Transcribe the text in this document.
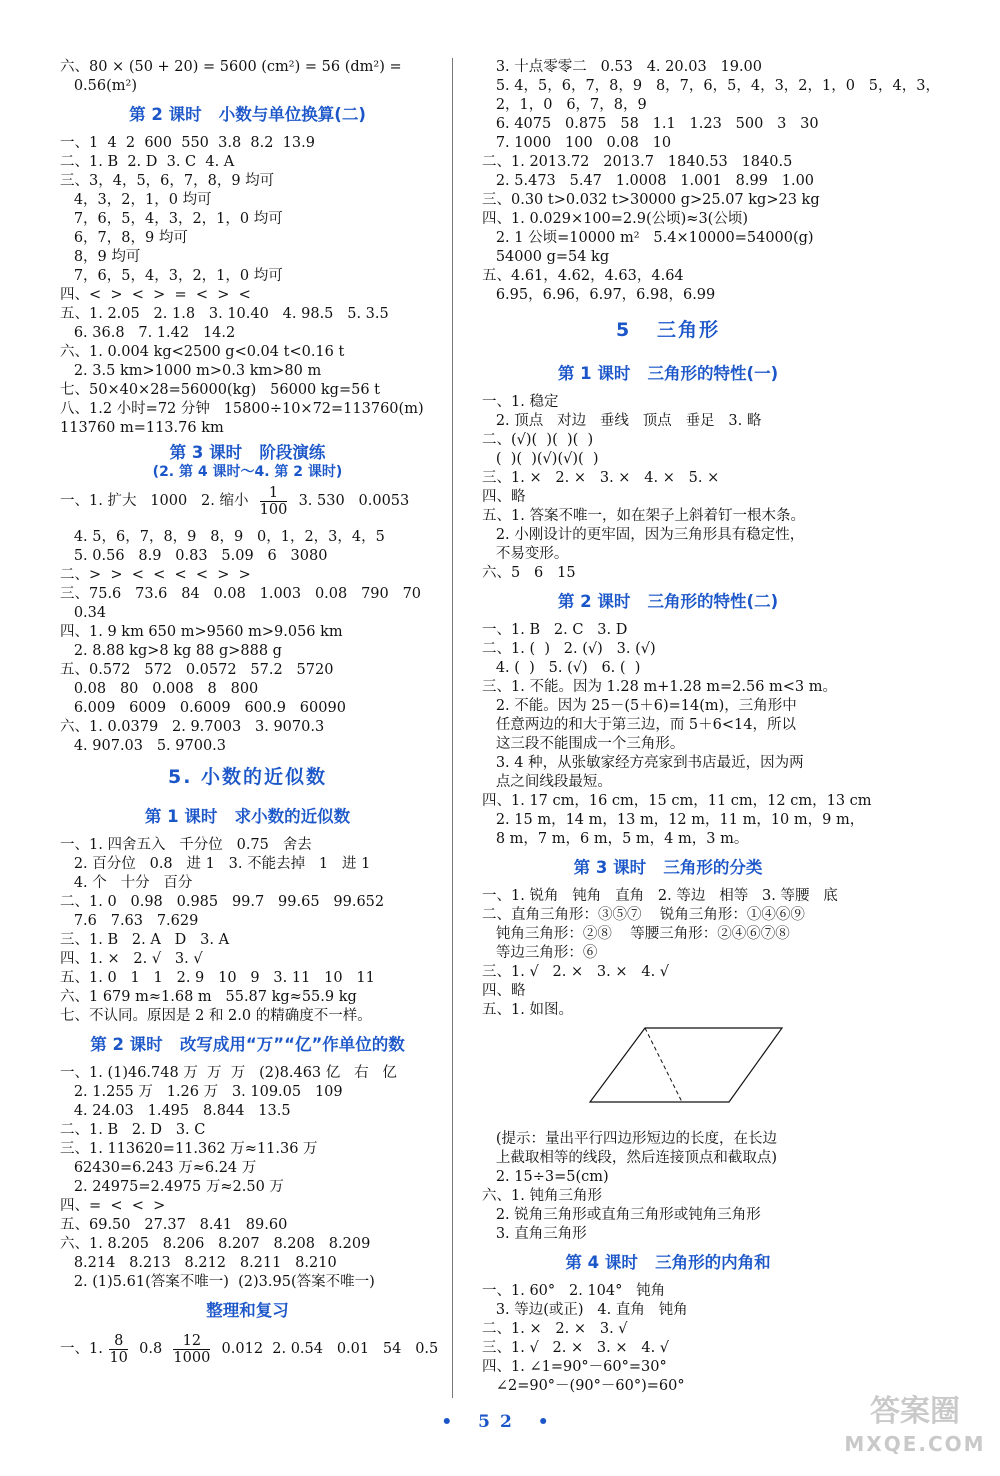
六、80 × (50 + 20) = 5600 (cm²) = 56 (dm²) =
0.56(m²)
第 2 课时   小数与单位换算(二)
一、1  4  2  600  550  3.8  8.2  13.9
二、1. B  2. D  3. C  4. A
三、3，4，5，6，7，8，9 均可
4，3，2，1，0 均可
7，6，5，4，3，2，1，0 均可
6，7，8，9 均可
8，9 均可
7，6，5，4，3，2，1，0 均可
四、<  >  <  >  =  <  >  <
五、1. 2.05   2. 1.8   3. 10.40   4. 98.5   5. 3.5
6. 36.8   7. 1.42   14.2
六、1. 0.004 kg<2500 g<0.04 t<0.16 t
2. 3.5 km>1000 m>0.3 km>80 m
七、50×40×28=56000(kg)   56000 kg=56 t
八、1.2 小时=72 分钟   15800÷10×72=113760(m)
113760 m=113.76 km
第 3 课时   阶段演练
(2. 第 4 课时～4. 第 2 课时)
一、1. 扩大   1000   2. 缩小 $\frac{1}{100} 3$. 530   0.0053
4. 5，6，7，8，9   8，9   0，1，2，3，4，5
5. 0.56   8.9   0.83   5.09   6   3080
二、>  >  <  <  <  <  >  >
三、75.6   73.6   84   0.08   1.003   0.08   790   70
0.34
四、1. 9 km 650 m>9560 m>9.056 km
2. 8.88 kg>8 kg 88 g>888 g
五、0.572   572   0.0572   57.2   5720
0.08   80   0.008   8   800
6.009   6009   0.6009   600.9   60090
六、1. 0.0379   2. 9.7003   3. 9070.3
4. 907.03   5. 9700.3
5. 小数的近似数
第 1 课时   求小数的近似数
一、1. 四舍五入   千分位   0.75   舍去
2. 百分位   0.8   进 1   3. 不能去掉   1   进 1
4. 个   十分   百分
二、1. 0   0.98   0.985   99.7   99.65   99.652
7.6   7.63   7.629
三、1. B   2. A   D   3. A
四、1. ×   2. √   3. √
五、1. 0   1   1   2. 9   10   9   3. 11   10   11
六、1 679 m≈1.68 m   55.87 kg≈55.9 kg
七、不认同。原因是 2 和 2.0 的精确度不一样。
第 2 课时   改写成用“万”“亿”作单位的数
一、1. (1)46.748 万  万  万   (2)8.463 亿   右   亿
2. 1.255 万   1.26 万   3. 109.05   109
4. 24.03   1.495   8.844   13.5
二、1. B   2. D   3. C
三、1. 113620=11.362 万≈11.36 万
62430=6.243 万≈6.24 万
2. 24975=2.4975 万≈2.50 万
四、=  <  <  >
五、69.50   27.37   8.41   89.60
六、1. 8.205   8.206   8.207   8.208   8.209
8.214   8.213   8.212   8.211   8.210
2. (1)5.61(答案不唯一)  (2)3.95(答案不唯一)
整理和复习
一、1. $\frac{8}{10} 0.8 \frac{12}{1000} 0.012$  2. 0.54   0.01   54   0.5
3. 十点零零二   0.53   4. 20.03   19.00
5. 4，5，6，7，8，9   8，7，6，5，4，3，2，1，0   5，4，3，
2，1，0   6，7，8，9
6. 4075   0.875   58   1.1   1.23   500   3   30
7. 1000   100   0.08   10
二、1. 2013.72   2013.7   1840.53   1840.5
2. 5.473   5.47   1.0008   1.001   8.99   1.00
三、0.30 t>0.032 t>30000 g>25.07 kg>23 kg
四、1. 0.029×100=2.9(公顷)≈3(公顷)
2. 1 公顷=10000 m²   5.4×10000=54000(g)
54000 g=54 kg
五、4.61，4.62，4.63，4.64
6.95，6.96，6.97，6.98，6.99
5   三角形
第 1 课时   三角形的特性(一)
一、1. 稳定
2. 顶点   对边   垂线   顶点   垂足   3. 略
二、(√)(  )(  )(  )
(  )(  )(√)(√)(  )
三、1. ×   2. ×   3. ×   4. ×   5. ×
四、略
五、1. 答案不唯一，如在架子上斜着钉一根木条。
2. 小刚设计的更牢固，因为三角形具有稳定性，
不易变形。
六、5   6   15
第 2 课时   三角形的特性(二)
一、1. B   2. C   3. D
二、1. (  )   2. (√)   3. (√)
4. (  )   5. (√)   6. (  )
三、1. 不能。因为 1.28 m+1.28 m=2.56 m<3 m。
2. 不能。因为 25－(5＋6)=14(m)，三角形中
任意两边的和大于第三边，而 5＋6<14，所以
这三段不能围成一个三角形。
3. 4 种，从张敏家经方亮家到书店最近，因为两
点之间线段最短。
四、1. 17 cm，16 cm，15 cm，11 cm，12 cm，13 cm
2. 15 m，14 m，13 m，12 m，11 m，10 m，9 m，
8 m，7 m，6 m，5 m，4 m，3 m。
第 3 课时   三角形的分类
一、1. 锐角   钝角   直角   2. 等边   相等   3. 等腰   底
二、直角三角形：③⑤⑦    锐角三角形：①④⑥⑨
钝角三角形：②⑧    等腰三角形：②④⑥⑦⑧
等边三角形：⑥
三、1. √   2. ×   3. ×   4. √
四、略
五、1. 如图。
(提示：量出平行四边形短边的长度，在长边
上截取相等的线段，然后连接顶点和截取点)
2. 15÷3=5(cm)
六、1. 钝角三角形
2. 锐角三角形或直角三角形或钝角三角形
3. 直角三角形
第 4 课时   三角形的内角和
一、1. 60°   2. 104°   钝角
3. 等边(或正)   4. 直角   钝角
二、1. ×   2. ×   3. √
三、1. √   2. ×   3. ×   4. √
四、1. ∠1=90°－60°=30°
∠2=90°－(90°－60°)=60°
• 52 •	答案圈
MXQE.COM
